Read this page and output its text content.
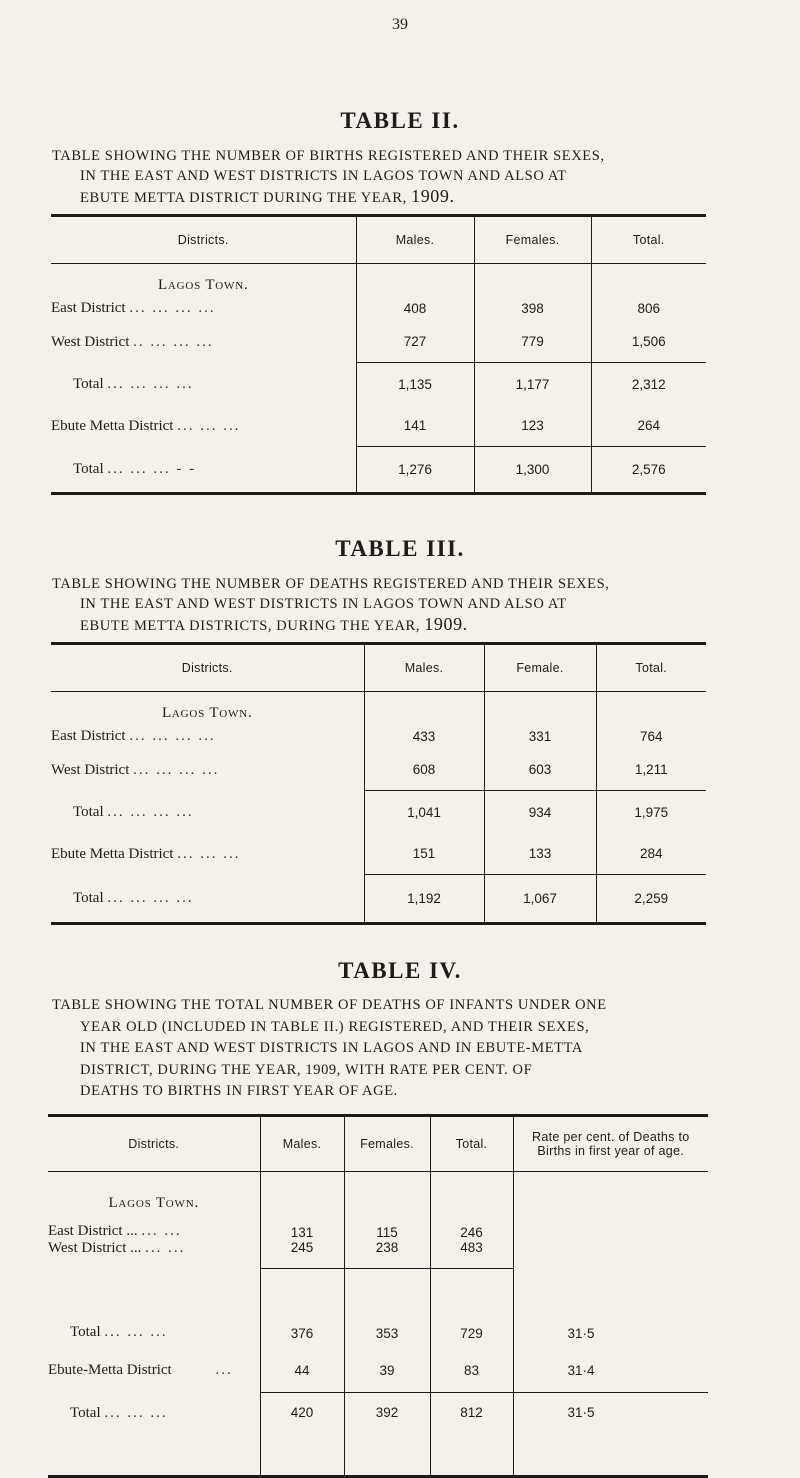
39
TABLE II.
TABLE SHOWING THE NUMBER OF BIRTHS REGISTERED AND THEIR SEXES,
IN THE EAST AND WEST DISTRICTS IN LAGOS TOWN AND ALSO AT
EBUTE METTA DISTRICT DURING THE YEAR, 1909.
Districts.	Males.	Females.	Total.
Lagos Town.			
East District ... ... ... ...	408	398	806
West District .. ... ... ...	727	779	1,506
Total ... ... ... ...	1,135	1,177	2,312
Ebute Metta District ... ... ...	141	123	264
Total ... ... ... - -	1,276	1,300	2,576
TABLE III.
TABLE SHOWING THE NUMBER OF DEATHS REGISTERED AND THEIR SEXES,
IN THE EAST AND WEST DISTRICTS IN LAGOS TOWN AND ALSO AT
EBUTE METTA DISTRICTS, DURING THE YEAR, 1909.
Districts.	Males.	Female.	Total.
Lagos Town.			
East District ... ... ... ...	433	331	764
West District ... ... ... ...	608	603	1,211
Total ... ... ... ...	1,041	934	1,975
Ebute Metta District ... ... ...	151	133	284
Total ... ... ... ...	1,192	1,067	2,259
TABLE IV.
TABLE SHOWING THE TOTAL NUMBER OF DEATHS OF INFANTS UNDER ONE
YEAR OLD (INCLUDED IN TABLE II.) REGISTERED, AND THEIR SEXES,
IN THE EAST AND WEST DISTRICTS IN LAGOS AND IN EBUTE-METTA
DISTRICT, DURING THE YEAR, 1909, WITH RATE PER CENT. OF
DEATHS TO BIRTHS IN FIRST YEAR OF AGE.
Districts.	Males.	Females.	Total.	Rate per cent. of Deaths to Births in first year of age.
Lagos Town.				
East District ... ... ...	131	115	246	
West District ... ... ...	245	238	483	
Total ... ... ...	376	353	729	31·5
Ebute-Metta District ...	44	39	83	31·4
Total ... ... ...	420	392	812	31·5
